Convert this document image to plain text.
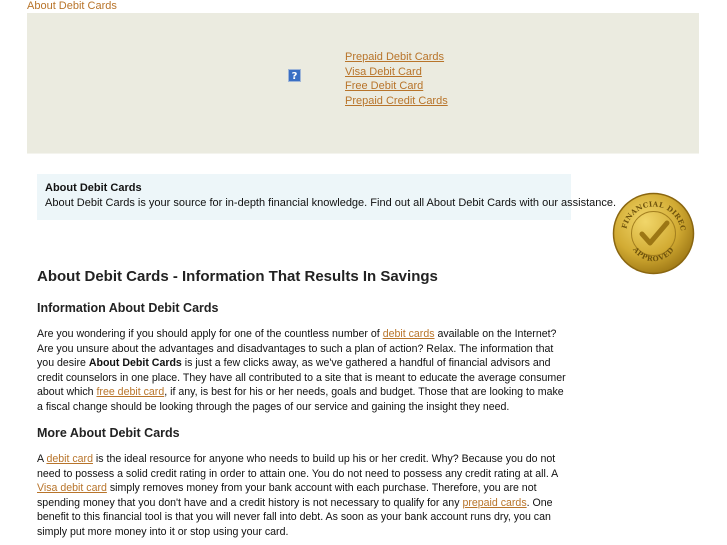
About Debit Cards
?
Prepaid Debit Cards
Visa Debit Card
Free Debit Card
Prepaid Credit Cards
About Debit Cards
About Debit Cards is your source for in-depth financial knowledge. Find out all About Debit Cards with our assistance.
FINANCIAL DIREC
APPROVED
About Debit Cards - Information That Results In Savings
Information About Debit Cards

Are you wondering if you should apply for one of the countless number of debit cards available on the Internet? Are you unsure about the advantages and disadvantages to such a plan of action? Relax. The information that you desire About Debit Cards is just a few clicks away, as we've gathered a handful of financial advisors and credit counselors in one place. They have all contributed to a site that is meant to educate the average consumer about which free debit card, if any, is best for his or her needs, goals and budget. Those that are looking to make a fiscal change should be looking through the pages of our service and gaining the insight they need.

More About Debit Cards

A debit card is the ideal resource for anyone who needs to build up his or her credit. Why? Because you do not need to possess a solid credit rating in order to attain one. You do not need to possess any credit rating at all. A Visa debit card simply removes money from your bank account with each purchase. Therefore, you are not spending money that you don't have and a credit history is not necessary to qualify for any prepaid cards. One benefit to this financial tool is that you will never fall into debt. As soon as your bank account runs dry, you can simply put more money into it or stop using your card.
